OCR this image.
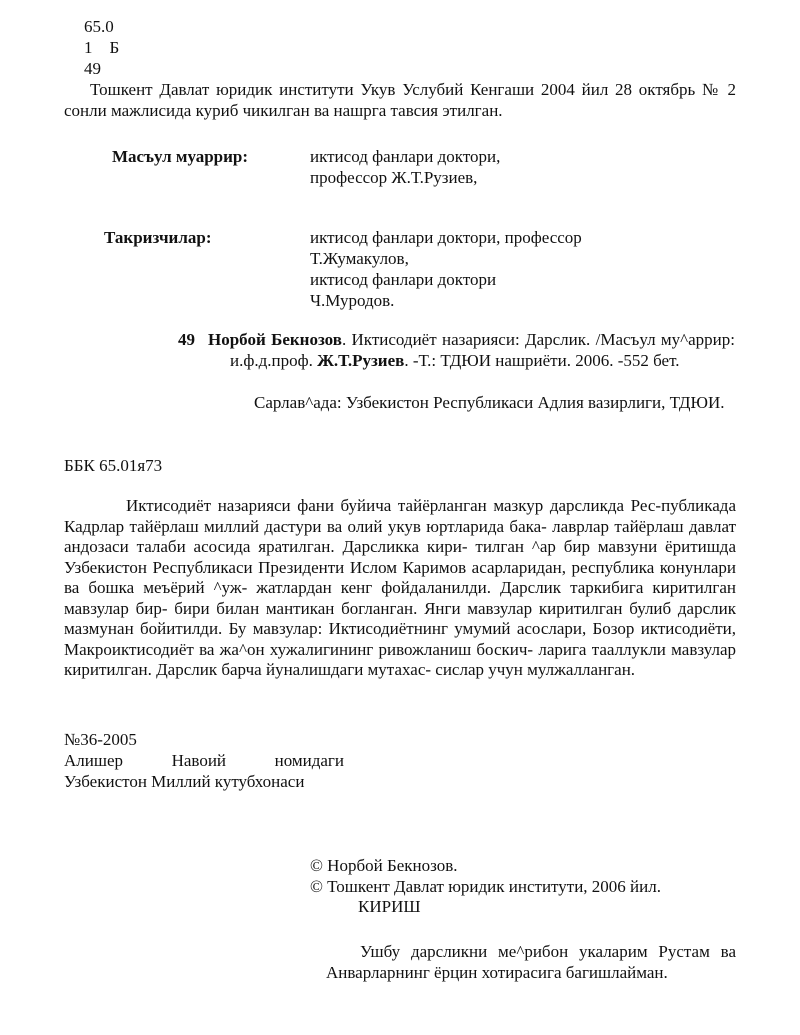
65.0
1    Б
49
Тошкент Давлат юридик институти Укув Услубий Кенгаши 2004 йил 28 октябрь № 2 сонли мажлисида куриб чикилган ва нашрга тавсия этилган.
Масъул муаррир:	иктисод фанлари доктори,
профессор Ж.Т.Рузиев,
Такризчилар:	иктисод фанлари доктори, профессор
Т.Жумакулов,
иктисод фанлари доктори
Ч.Муродов.
49 Норбой Бекнозов. Иктисодиёт назарияси: Дарслик. /Масъул му^аррир: и.ф.д.проф. Ж.Т.Рузиев. -Т.: ТДЮИ нашриёти. 2006. -552 бет.
Сарлав^ада: Узбекистон Республикаси Адлия вазирлиги, ТДЮИ.
ББК 65.01я73
Иктисодиёт назарияси фани буйича тайёрланган мазкур дарсликда Рес-публикада Кадрлар тайёрлаш миллий дастури ва олий укув юртларида бака- лаврлар тайёрлаш давлат андозаси талаби асосида яратилган. Дарсликка кири- тилган ^ар бир мавзуни ёритишда Узбекистон Республикаси Президенти Ислом Каримов асарларидан, республика конунлари ва бошка меъёрий ^уж- жатлардан кенг фойдаланилди. Дарслик таркибига киритилган мавзулар бир- бири билан мантикан богланган. Янги мавзулар киритилган булиб дарслик мазмунан бойитилди. Бу мавзулар: Иктисодиётнинг умумий асослари, Бозор иктисодиёти, Макроиктисодиёт ва жа^он хужалигининг ривожланиш боскич- ларига тааллукли мавзулар киритилган. Дарслик барча йуналишдаги мутахас- сислар учун мулжалланган.
№36-2005
Алишер Навоий номидаги
Узбекистон Миллий кутубхонаси
© Норбой Бекнозов.
© Тошкент Давлат юридик институти, 2006 йил.
КИРИШ
Ушбу дарсликни ме^рибон укаларим Рустам ва Анварларнинг ёрцин хотирасига багишлайман.
